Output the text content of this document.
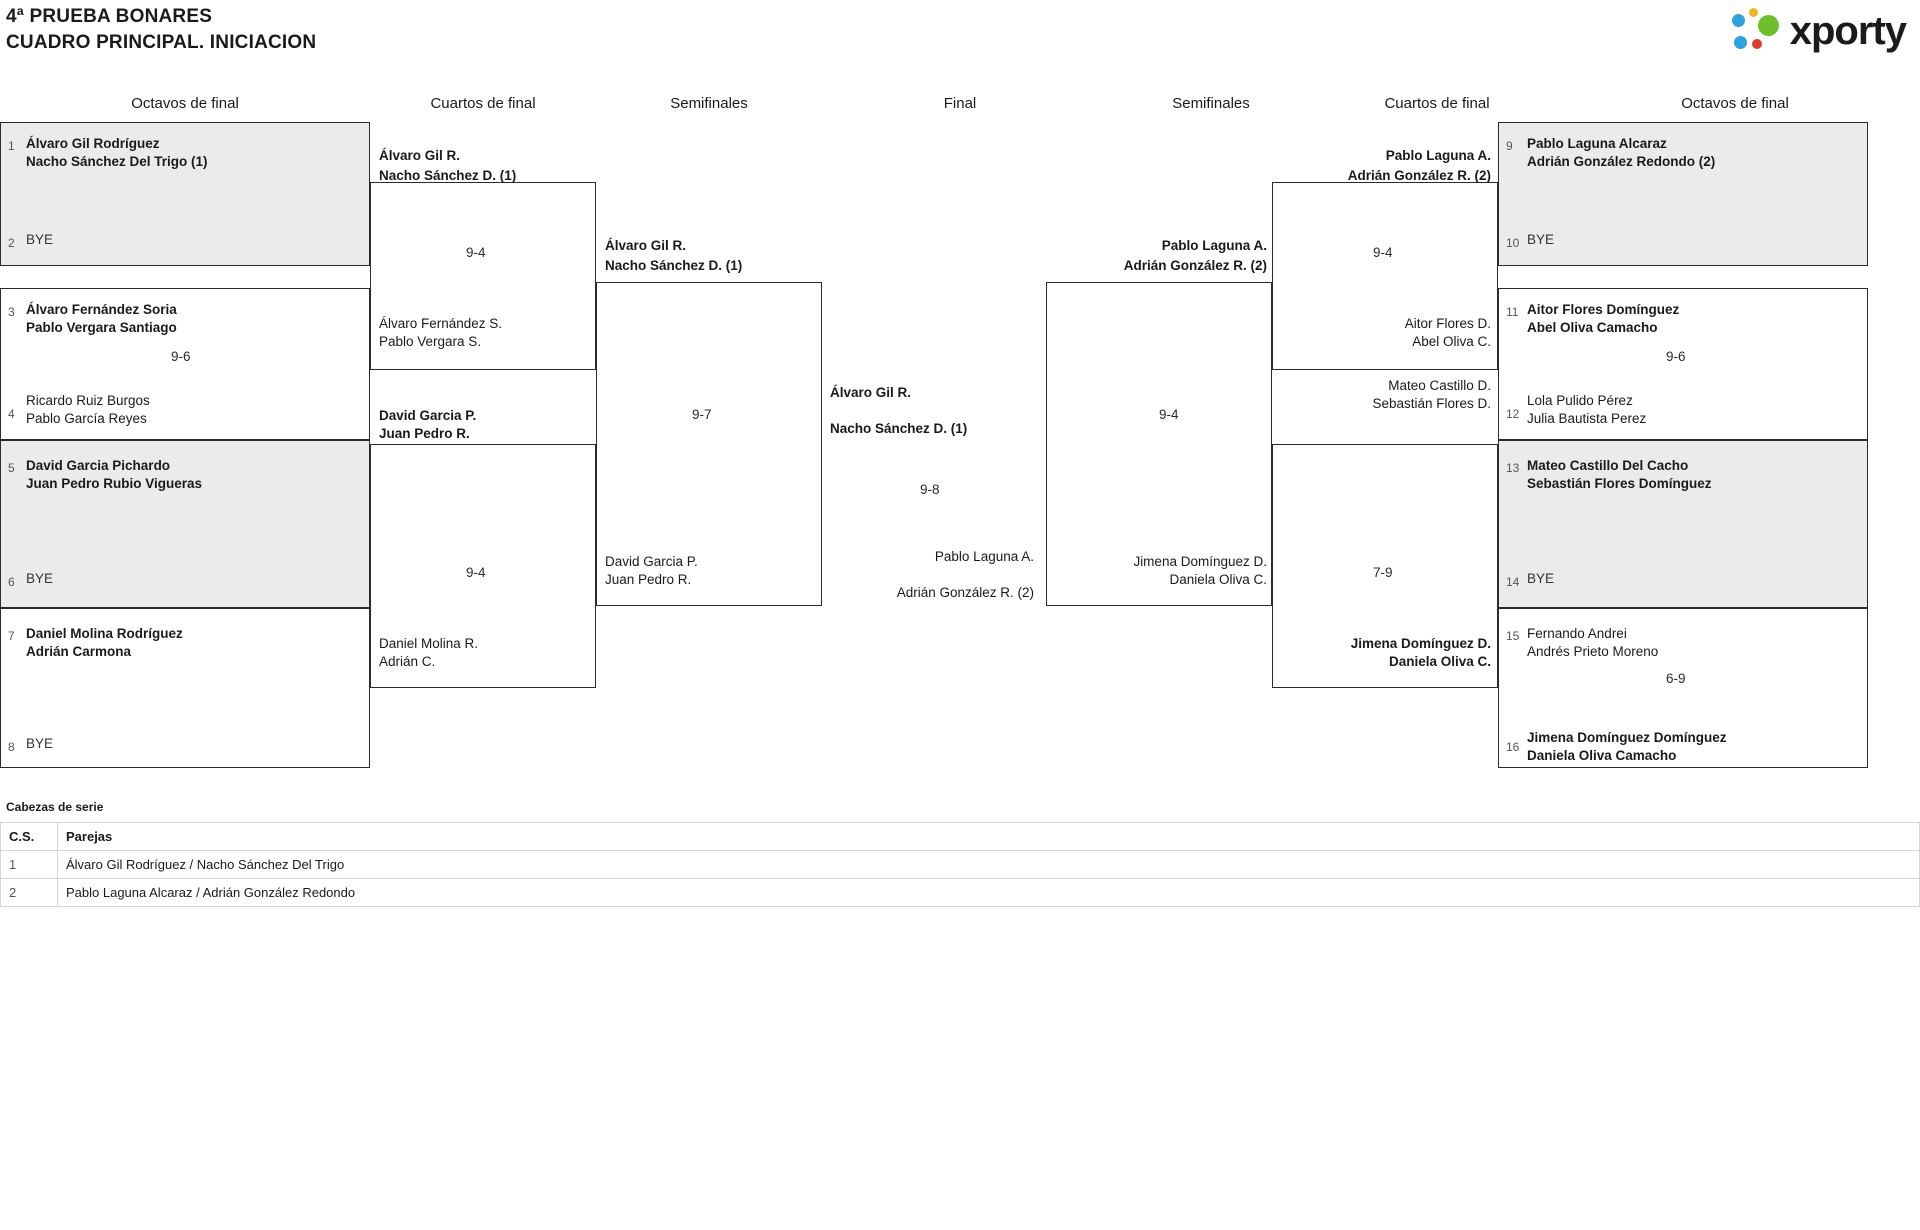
4ª PRUEBA BONARES
CUADRO PRINCIPAL. INICIACION	xporty
Octavos de final	Cuartos de final	Semifinales	Final	Semifinales	Cuartos de final	Octavos de final
1 Álvaro Gil Rodríguez
Nacho Sánchez Del Trigo (1)
2 BYE
3 Álvaro Fernández Soria
Pablo Vergara Santiago
9-6
4
Ricardo Ruiz Burgos
Pablo García Reyes
5 David Garcia Pichardo
Juan Pedro Rubio Vigueras
6 BYE
7 Daniel Molina Rodríguez
Adrián Carmona
8 BYE
Álvaro Gil R.
Nacho Sánchez D. (1)
9-4
Álvaro Fernández S.
Pablo Vergara S.
David Garcia P.
Juan Pedro R.
9-4
Daniel Molina R.
Adrián C.
Álvaro Gil R.
Nacho Sánchez D. (1)
9-7
David Garcia P.
Juan Pedro R.
Álvaro Gil R.
Nacho Sánchez D. (1)
9-8
Pablo Laguna A.
Adrián González R. (2)
Pablo Laguna A.
Adrián González R. (2)
9-4
Jimena Domínguez D.
Daniela Oliva C.
Pablo Laguna A.
Adrián González R. (2)
9-4
Aitor Flores D.
Abel Oliva C.
Mateo Castillo D.
Sebastián Flores D.
7-9
Jimena Domínguez D.
Daniela Oliva C.
9 Pablo Laguna Alcaraz
Adrián González Redondo (2)
10 BYE
11 Aitor Flores Domínguez
Abel Oliva Camacho
9-6
12
Lola Pulido Pérez
Julia Bautista Perez
13 Mateo Castillo Del Cacho
Sebastián Flores Domínguez
14 BYE
15 Fernando Andrei
Andrés Prieto Moreno
6-9
16
Jimena Domínguez Domínguez
Daniela Oliva Camacho
Cabezas de serie
C.S.	Parejas
1	Álvaro Gil Rodríguez / Nacho Sánchez Del Trigo
2	Pablo Laguna Alcaraz / Adrián González Redondo
